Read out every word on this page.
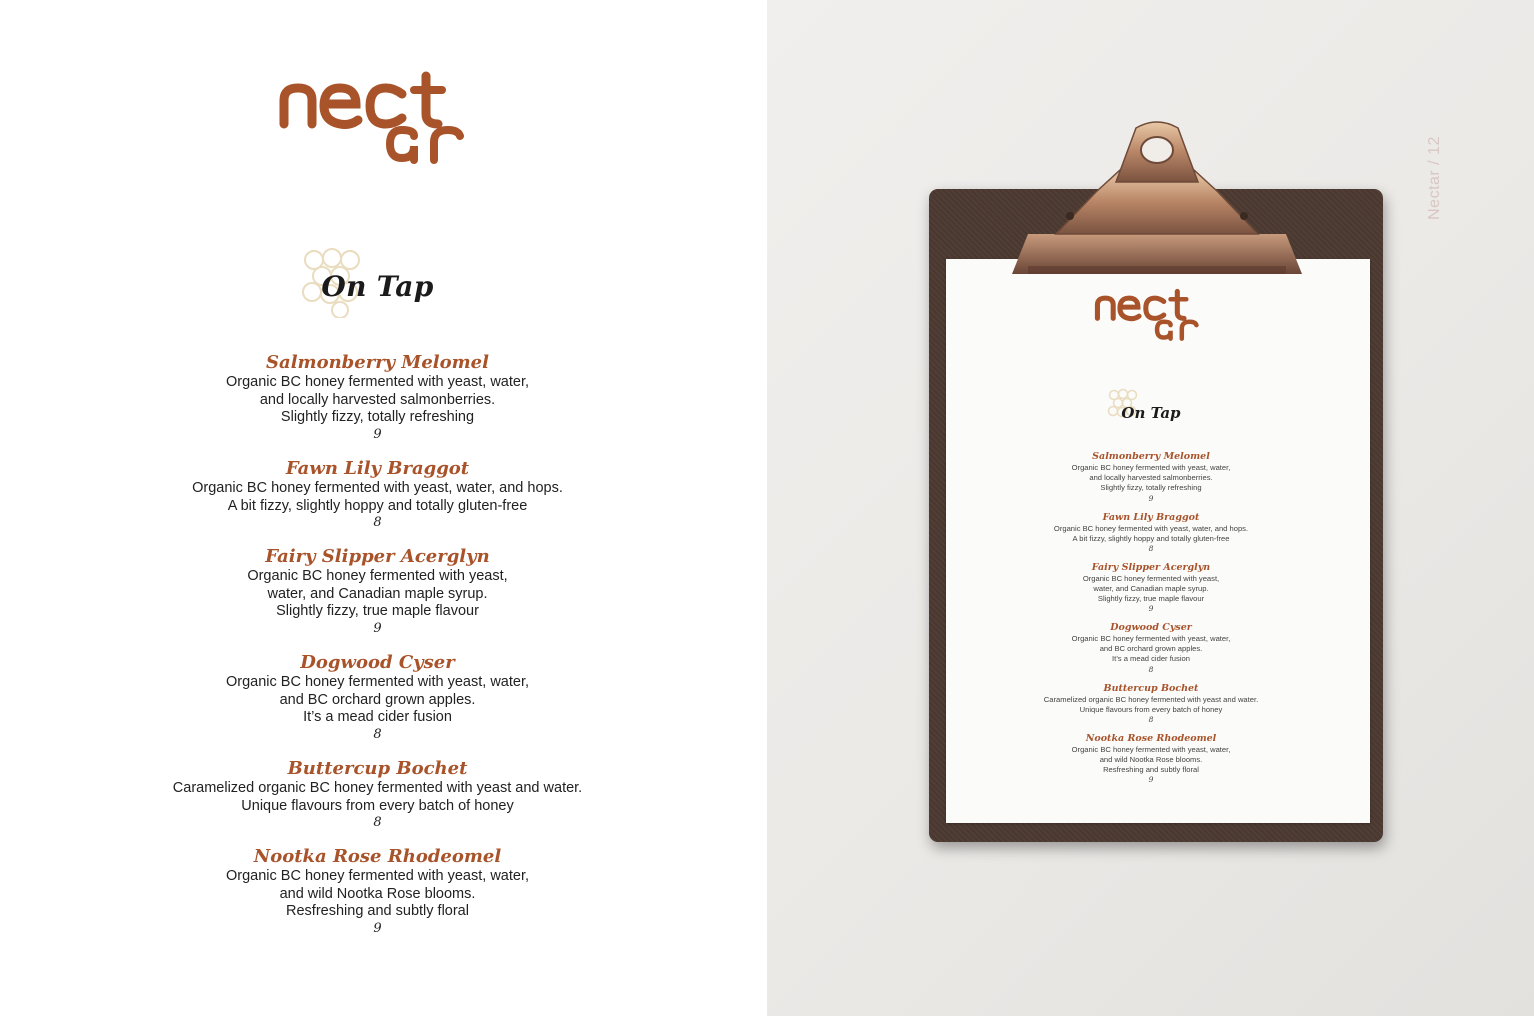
On Tap

Salmonberry Melomel

Organic BC honey fermented with yeast, water,

and locally harvested salmonberries.

Slightly fizzy, totally refreshing

9

Fawn Lily Braggot

Organic BC honey fermented with yeast, water, and hops.

A bit fizzy, slightly hoppy and totally gluten-free

8

Fairy Slipper Acerglyn

Organic BC honey fermented with yeast,

water, and Canadian maple syrup.

Slightly fizzy, true maple flavour

9

Dogwood Cyser

Organic BC honey fermented with yeast, water,

and BC orchard grown apples.

It’s a mead cider fusion

8

Buttercup Bochet

Caramelized organic BC honey fermented with yeast and water.

Unique flavours from every batch of honey

8

Nootka Rose Rhodeomel

Organic BC honey fermented with yeast, water,

and wild Nootka Rose blooms.

Resfreshing and subtly floral

9

Nectar / 12
On Tap

Salmonberry Melomel

Organic BC honey fermented with yeast, water,

and locally harvested salmonberries.

Slightly fizzy, totally refreshing

9

Fawn Lily Braggot

Organic BC honey fermented with yeast, water, and hops.

A bit fizzy, slightly hoppy and totally gluten-free

8

Fairy Slipper Acerglyn

Organic BC honey fermented with yeast,

water, and Canadian maple syrup.

Slightly fizzy, true maple flavour

9

Dogwood Cyser

Organic BC honey fermented with yeast, water,

and BC orchard grown apples.

It’s a mead cider fusion

8

Buttercup Bochet

Caramelized organic BC honey fermented with yeast and water.

Unique flavours from every batch of honey

8

Nootka Rose Rhodeomel

Organic BC honey fermented with yeast, water,

and wild Nootka Rose blooms.

Resfreshing and subtly floral

9
